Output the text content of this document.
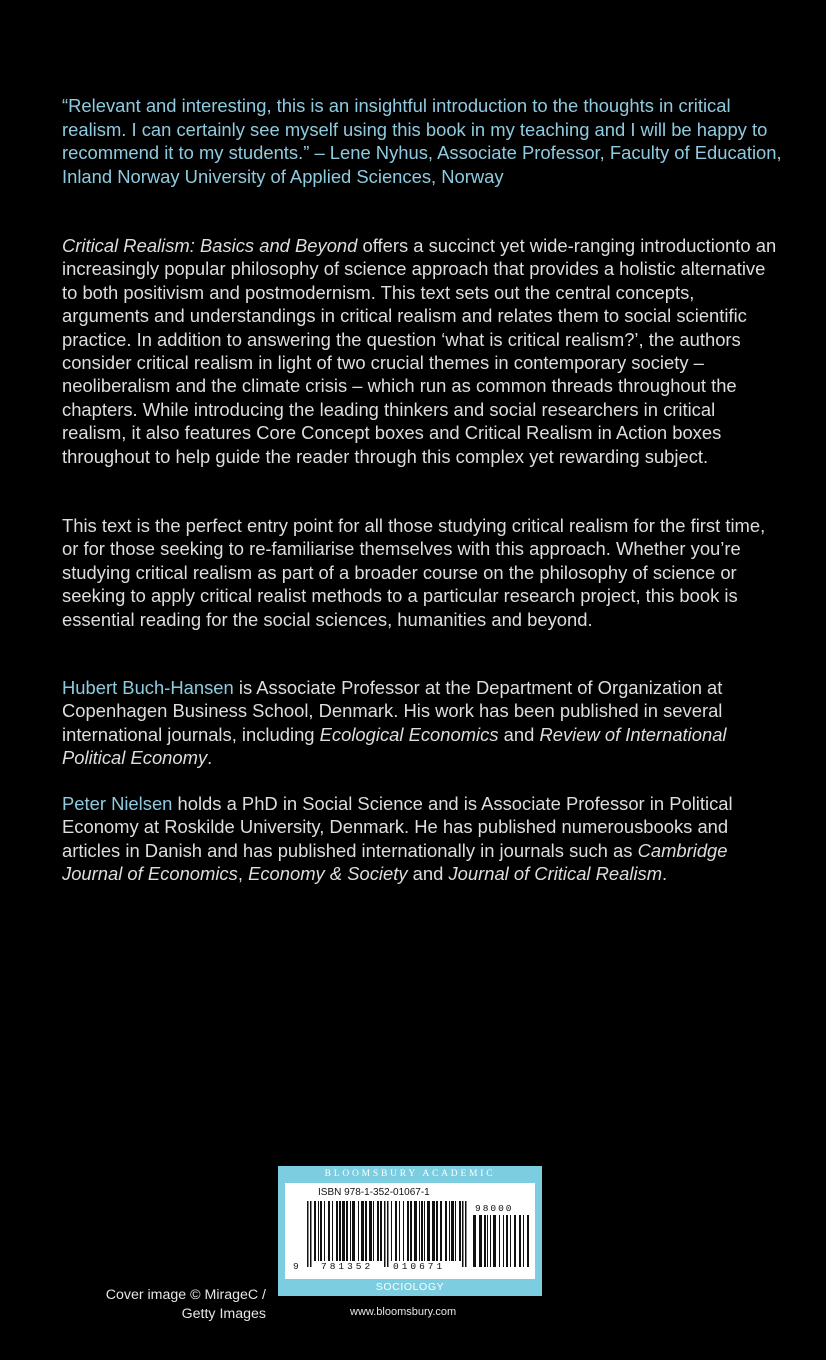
“Relevant and interesting, this is an insightful introduction to the thoughts in critical realism. I can certainly see myself using this book in my teaching and I will be happy to recommend it to my students.” – Lene Nyhus, Associate Professor, Faculty of Education, Inland Norway University of Applied Sciences, Norway

Critical Realism: Basics and Beyond offers a succinct yet wide-ranging introductionto an increasingly popular philosophy of science approach that provides a holistic alternative to both positivism and postmodernism. This text sets out the central concepts, arguments and understandings in critical realism and relates them to social scientific practice. In addition to answering the question ‘what is critical realism?’, the authors consider critical realism in light of two crucial themes in contemporary society – neoliberalism and the climate crisis – which run as common threads throughout the chapters. While introducing the leading thinkers and social researchers in critical realism, it also features Core Concept boxes and Critical Realism in Action boxes throughout to help guide the reader through this complex yet rewarding subject.

This text is the perfect entry point for all those studying critical realism for the first time, or for those seeking to re-familiarise themselves with this approach. Whether you’re studying critical realism as part of a broader course on the philosophy of science or seeking to apply critical realist methods to a particular research project, this book is essential reading for the social sciences, humanities and beyond.

Hubert Buch-Hansen is Associate Professor at the Department of Organization at Copenhagen Business School, Denmark. His work has been published in several international journals, including Ecological Economics and Review of International Political Economy.

Peter Nielsen holds a PhD in Social Science and is Associate Professor in Political Economy at Roskilde University, Denmark. He has published numerousbooks and articles in Danish and has published internationally in journals such as Cambridge Journal of Economics, Economy & Society and Journal of Critical Realism.

BLOOMSBURY ACADEMIC
ISBN 978-1-352-01067-1
9 781352 010671
98000
SOCIOLOGY
Cover image © MirageC /
Getty Images	www.bloomsbury.com
